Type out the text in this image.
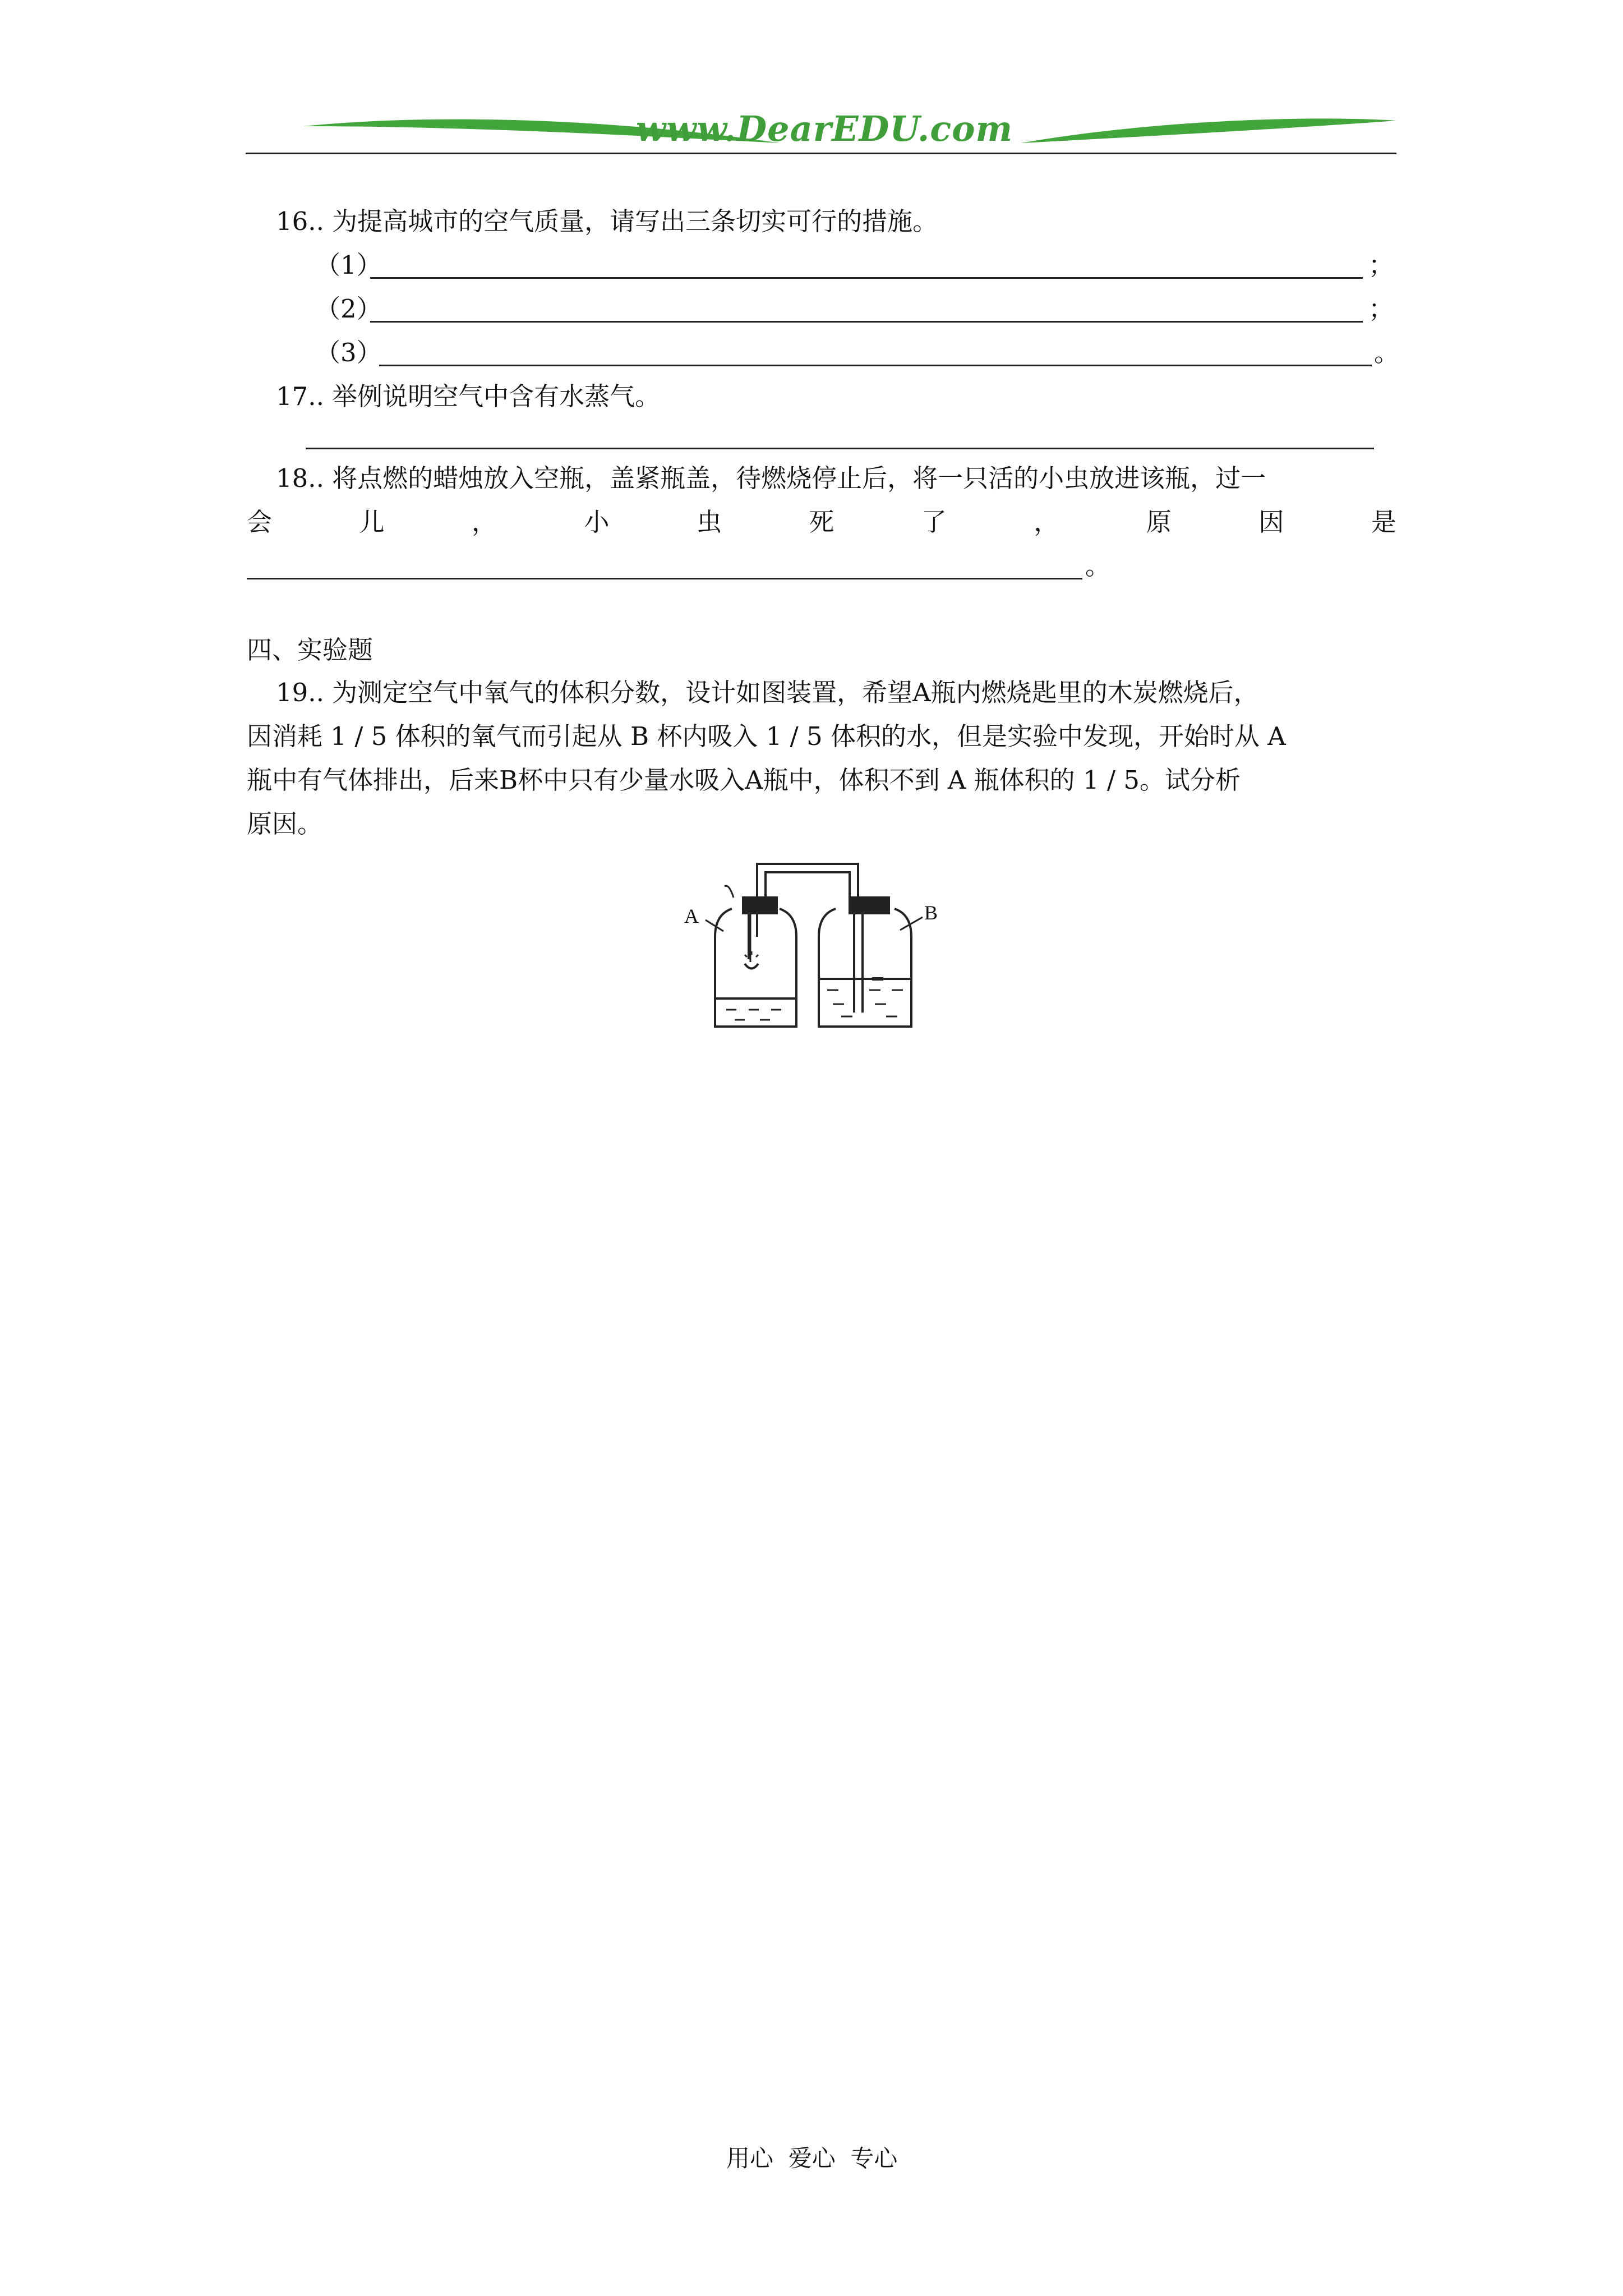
www.DearEDU.com
16.. 为提高城市的空气质量，请写出三条切实可行的措施。
（1）	；
（2）	；
（3）	。
17.. 举例说明空气中含有水蒸气。
18.. 将点燃的蜡烛放入空瓶，盖紧瓶盖，待燃烧停止后，将一只活的小虫放进该瓶，过一
会	儿	，	小	虫	死	了	，	原	因	是
。
四、实验题
19.. 为测定空气中氧气的体积分数，设计如图装置，希望A瓶内燃烧匙里的木炭燃烧后，
因消耗 1 / 5 体积的氧气而引起从 B 杯内吸入 1 / 5 体积的水，但是实验中发现，开始时从 A
瓶中有气体排出，后来B杯中只有少量水吸入A瓶中，体积不到 A 瓶体积的 1 / 5。试分析
原因。
A	B
用心  爱心  专心
